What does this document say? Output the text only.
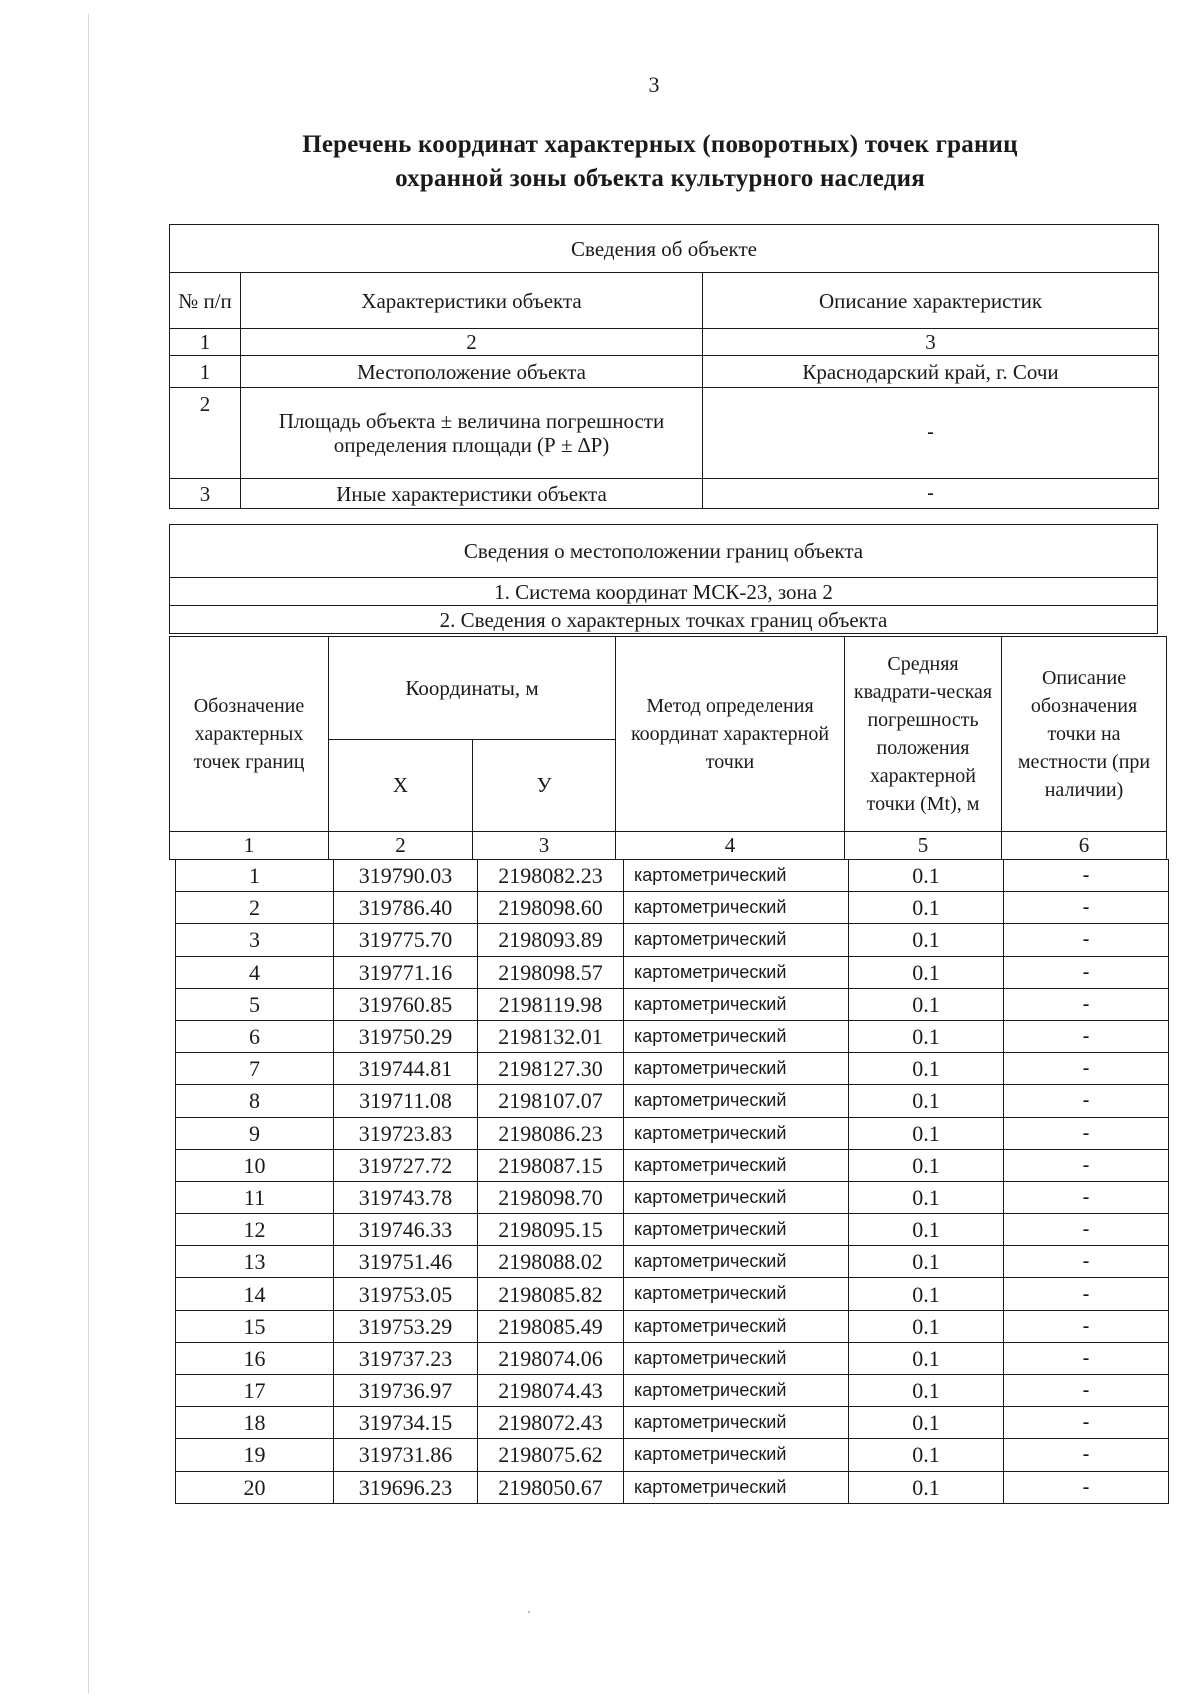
3
Перечень координат характерных (поворотных) точек границ
охранной зоны объекта культурного наследия
Сведения об объекте		
№ п/п	Характеристики объекта	Описание характеристик
1	2	3
1	Местоположение объекта	Краснодарский край, г. Сочи
2	Площадь объекта ± величина погрешности определения площади (Р ± ∆Р)	-
3	Иные характеристики объекта	-
Сведения о местоположении границ объекта
1. Система координат МСК-23, зона 2
2. Сведения о характерных точках границ объекта
Обозначение характерных точек границ	Координаты, м		Метод определения координат характерной точки	Средняя квадрати-ческая погрешность положения характерной точки (Mt), м	Описание обозначения точки на местности (при наличии)
	X	У			
1	2	3	4	5	6
1	319790.03	2198082.23	картометрический	0.1	-
2	319786.40	2198098.60	картометрический	0.1	-
3	319775.70	2198093.89	картометрический	0.1	-
4	319771.16	2198098.57	картометрический	0.1	-
5	319760.85	2198119.98	картометрический	0.1	-
6	319750.29	2198132.01	картометрический	0.1	-
7	319744.81	2198127.30	картометрический	0.1	-
8	319711.08	2198107.07	картометрический	0.1	-
9	319723.83	2198086.23	картометрический	0.1	-
10	319727.72	2198087.15	картометрический	0.1	-
11	319743.78	2198098.70	картометрический	0.1	-
12	319746.33	2198095.15	картометрический	0.1	-
13	319751.46	2198088.02	картометрический	0.1	-
14	319753.05	2198085.82	картометрический	0.1	-
15	319753.29	2198085.49	картометрический	0.1	-
16	319737.23	2198074.06	картометрический	0.1	-
17	319736.97	2198074.43	картометрический	0.1	-
18	319734.15	2198072.43	картометрический	0.1	-
19	319731.86	2198075.62	картометрический	0.1	-
20	319696.23	2198050.67	картометрический	0.1	-
